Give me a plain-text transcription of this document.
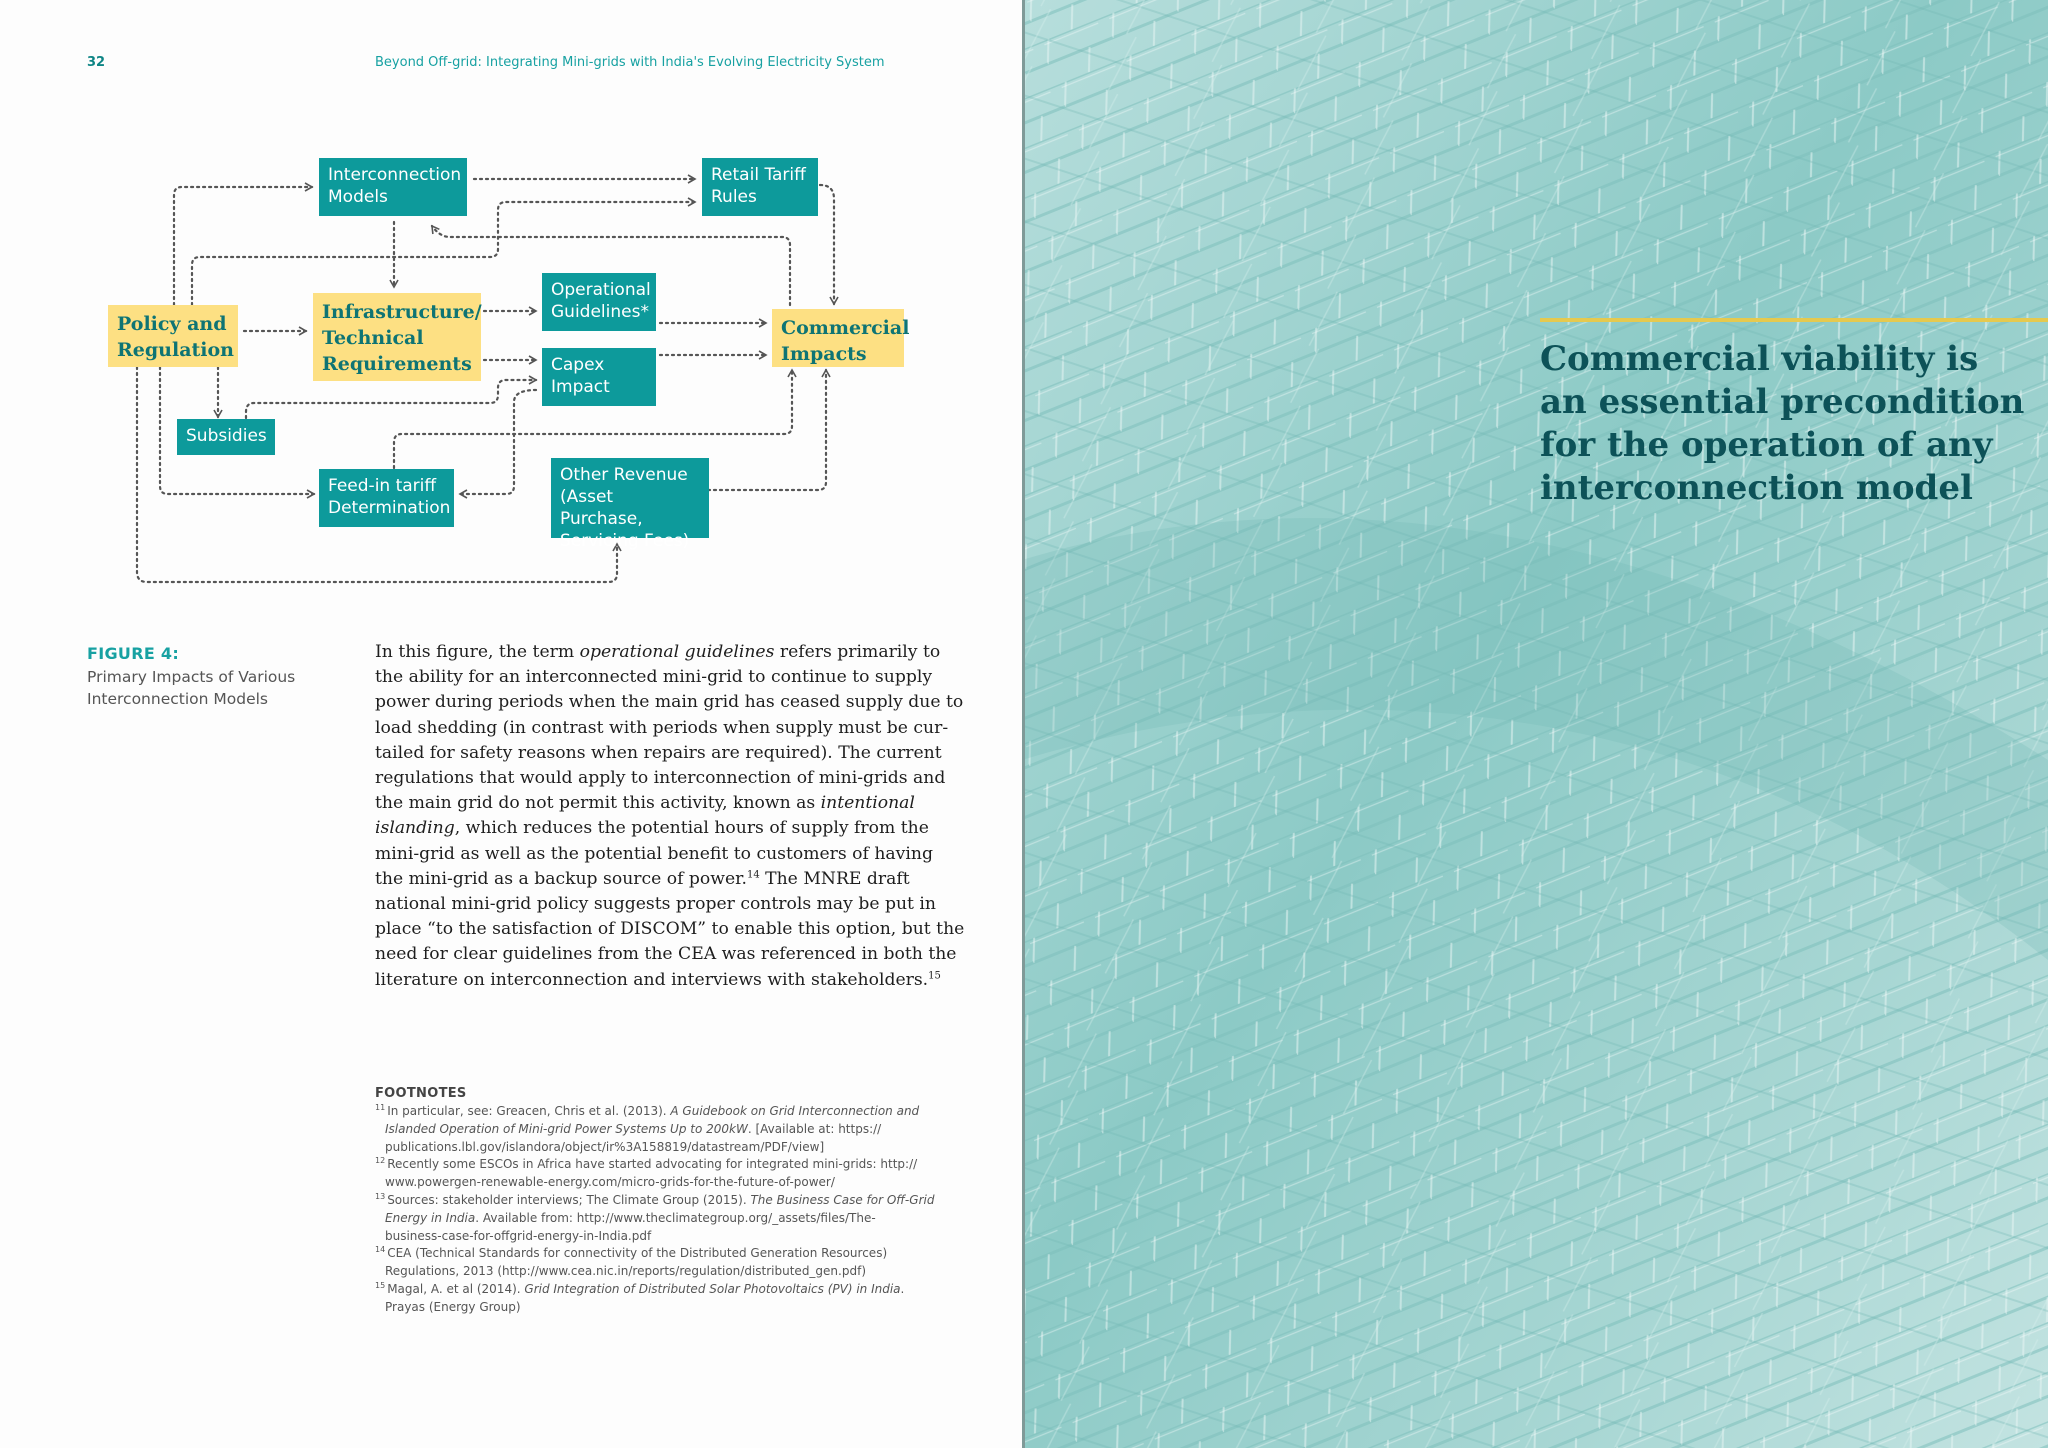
32	Beyond Off-grid: Integrating Mini-grids with India's Evolving Electricity System
Interconnection
Models
Retail Tariff
Rules
Policy and
Regulation
Infrastructure/
Technical
Requirements
Operational
Guidelines*
Capex
Impact
Commercial
Impacts
Subsidies
Feed-in tariff
Determination
Other Revenue
(Asset Purchase,
Servicing Fees)
FIGURE 4:
Primary Impacts of Various
Interconnection Models
In this figure, the term operational guidelines refers primarily to
the ability for an interconnected mini-grid to continue to supply
power during periods when the main grid has ceased supply due to
load shedding (in contrast with periods when supply must be cur-
tailed for safety reasons when repairs are required). The current
regulations that would apply to interconnection of mini-grids and
the main grid do not permit this activity, known as intentional
islanding, which reduces the potential hours of supply from the
mini-grid as well as the potential benefit to customers of having
the mini-grid as a backup source of power.$^{14}$ The MNRE draft
national mini-grid policy suggests proper controls may be put in
place “to the satisfaction of DISCOM” to enable this option, but the
need for clear guidelines from the CEA was referenced in both the
literature on interconnection and interviews with stakeholders.$^{15}$
FOOTNOTES
$^{11}$ In particular, see: Greacen, Chris et al. (2013). A Guidebook on Grid Interconnection and
Islanded Operation of Mini-grid Power Systems Up to 200kW. [Available at: https://
publications.lbl.gov/islandora/object/ir%3A158819/datastream/PDF/view]
$^{12}$ Recently some ESCOs in Africa have started advocating for integrated mini-grids: http://
www.powergen-renewable-energy.com/micro-grids-for-the-future-of-power/
$^{13}$ Sources: stakeholder interviews; The Climate Group (2015). The Business Case for Off-Grid
Energy in India. Available from: http://www.theclimategroup.org/_assets/files/The-
business-case-for-offgrid-energy-in-India.pdf
$^{14}$ CEA (Technical Standards for connectivity of the Distributed Generation Resources)
Regulations, 2013 (http://www.cea.nic.in/reports/regulation/distributed_gen.pdf)
$^{15}$ Magal, A. et al (2014). Grid Integration of Distributed Solar Photovoltaics (PV) in India.
Prayas (Energy Group)
Commercial viability is
an essential precondition
for the operation of any
interconnection model
